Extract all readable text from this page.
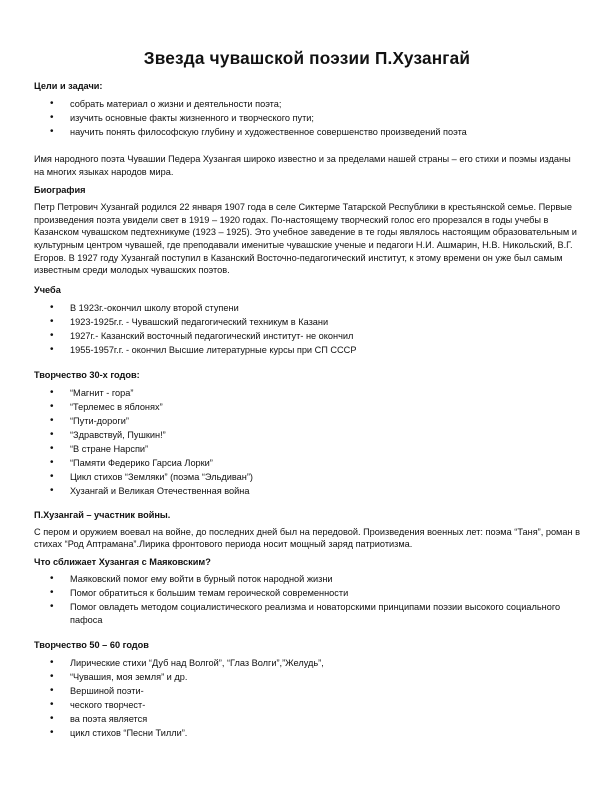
Звезда чувашской поэзии П.Хузангай
Цели и задачи:
• собрать материал о жизни и деятельности поэта;
• изучить основные факты жизненного и творческого пути;
• научить понять философскую глубину и художественное совершенство произведений поэта

Имя народного поэта Чувашии Педера Хузангая широко известно и за пределами нашей страны – его стихи и поэмы изданы на многих языках народов мира.

Биография

Петр Петрович Хузангай родился 22 января 1907 года в селе Сиктерме Татарской Республики в крестьянской семье. Первые произведения поэта увидели свет в 1919 – 1920 годах. По-настоящему творческий голос его прорезался в годы учебы в Казанском чувашском педтехникуме (1923 – 1925). Это учебное заведение в те годы являлось настоящим образовательным и культурным центром чувашей, где преподавали именитые чувашские ученые и педагоги Н.И. Ашмарин, Н.В. Никольский, В.Г. Егоров. В 1927 году Хузангай поступил в Казанский Восточно-педагогический институт, к этому времени он уже был самым известным среди молодых чувашских поэтов.

Учеба
• В 1923г.-окончил школу второй ступени
• 1923-1925г.г. - Чувашский педагогический техникум в Казани
• 1927г.- Казанский восточный педагогический институт- не окончил
• 1955-1957г.г. - окончил Высшие литературные курсы при СП СССР
Творчество 30-х годов:
• “Магнит - гора”
• “Терлемес в яблонях”
• “Пути-дороги”
• “Здравствуй, Пушкин!”
• “В стране Нарспи”
• “Памяти Федерико Гарсиа Лорки”
• Цикл стихов “Земляки” (поэма “Эльдиван”)
• Хузангай и Великая Отечественная война
П.Хузангай – участник войны.

С пером и оружием воевал на войне, до последних дней был на передовой. Произведения военных лет: поэма “Таня”, роман в стихах “Род Аптрамана”.Лирика фронтового периода носит мощный заряд патриотизма.

Что сближает Хузангая с Маяковским?
• Маяковский помог ему войти в бурный поток народной жизни
• Помог обратиться к большим темам героической современности
• Помог овладеть методом социалистического реализма и новаторскими принципами поэзии высокого социального пафоса
Творчество 50 – 60 годов
• Лирические стихи “Дуб над Волгой”, “Глаз Волги”,”Желудь”,
• “Чувашия, моя земля” и др.
• Вершиной поэти-
• ческого творчест-
• ва поэта является
• цикл стихов “Песни Тилли”.
